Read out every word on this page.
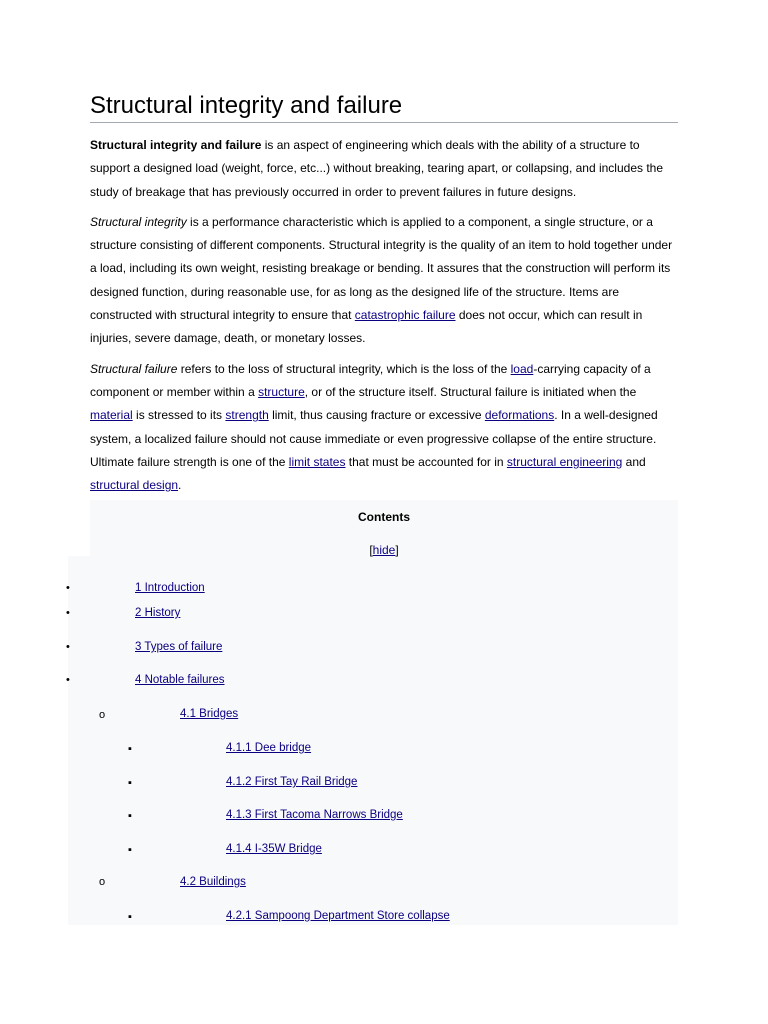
Structural integrity and failure

Structural integrity and failure is an aspect of engineering which deals with the ability of a structure to support a designed load (weight, force, etc...) without breaking, tearing apart, or collapsing, and includes the study of breakage that has previously occurred in order to prevent failures in future designs.

Structural integrity is a performance characteristic which is applied to a component, a single structure, or a structure consisting of different components. Structural integrity is the quality of an item to hold together under a load, including its own weight, resisting breakage or bending. It assures that the construction will perform its designed function, during reasonable use, for as long as the designed life of the structure. Items are constructed with structural integrity to ensure that catastrophic failure does not occur, which can result in injuries, severe damage, death, or monetary losses.

Structural failure refers to the loss of structural integrity, which is the loss of the load-carrying capacity of a component or member within a structure, or of the structure itself. Structural failure is initiated when the material is stressed to its strength limit, thus causing fracture or excessive deformations. In a well-designed system, a localized failure should not cause immediate or even progressive collapse of the entire structure. Ultimate failure strength is one of the limit states that must be accounted for in structural engineering and structural design.

Contents
[hide]
•
•
•
•
o
▪
▪
▪
▪
o
▪
1 Introduction
2 History
3 Types of failure
4 Notable failures
4.1 Bridges
4.1.1 Dee bridge
4.1.2 First Tay Rail Bridge
4.1.3 First Tacoma Narrows Bridge
4.1.4 I-35W Bridge
4.2 Buildings
4.2.1 Sampoong Department Store collapse
